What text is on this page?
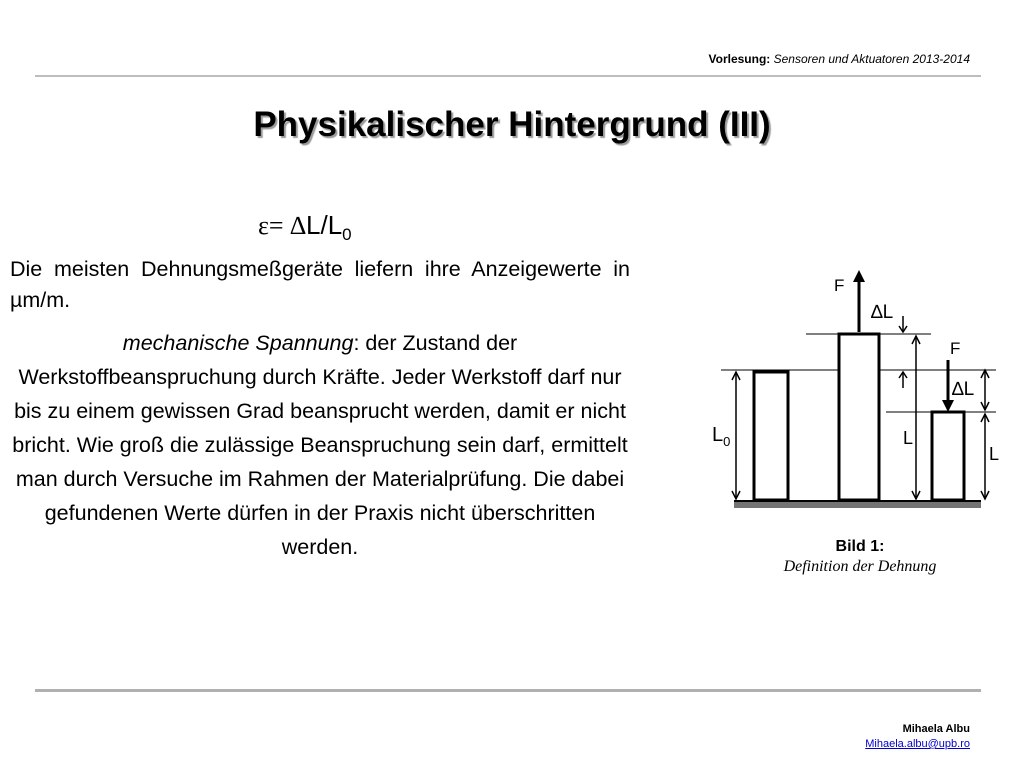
Vorlesung: Sensoren und Aktuatoren 2013-2014
Physikalischer Hintergrund (III)
$\varepsilon= \Delta L/L_0$
Die meisten Dehnungsmeßgeräte liefern ihre Anzeigewerte in µm/m.
mechanische Spannung: der Zustand der Werkstoffbeanspruchung durch Kräfte. Jeder Werkstoff darf nur bis zu einem gewissen Grad beansprucht werden, damit er nicht bricht. Wie groß die zulässige Beanspruchung sein darf, ermittelt man durch Versuche im Rahmen der Materialprüfung. Die dabei gefundenen Werte dürfen in der Praxis nicht überschritten werden.
F
∆L
F
∆L
$L_0$	L
L
Bild 1:
Definition der Dehnung
Mihaela Albu
Mihaela.albu@upb.ro
